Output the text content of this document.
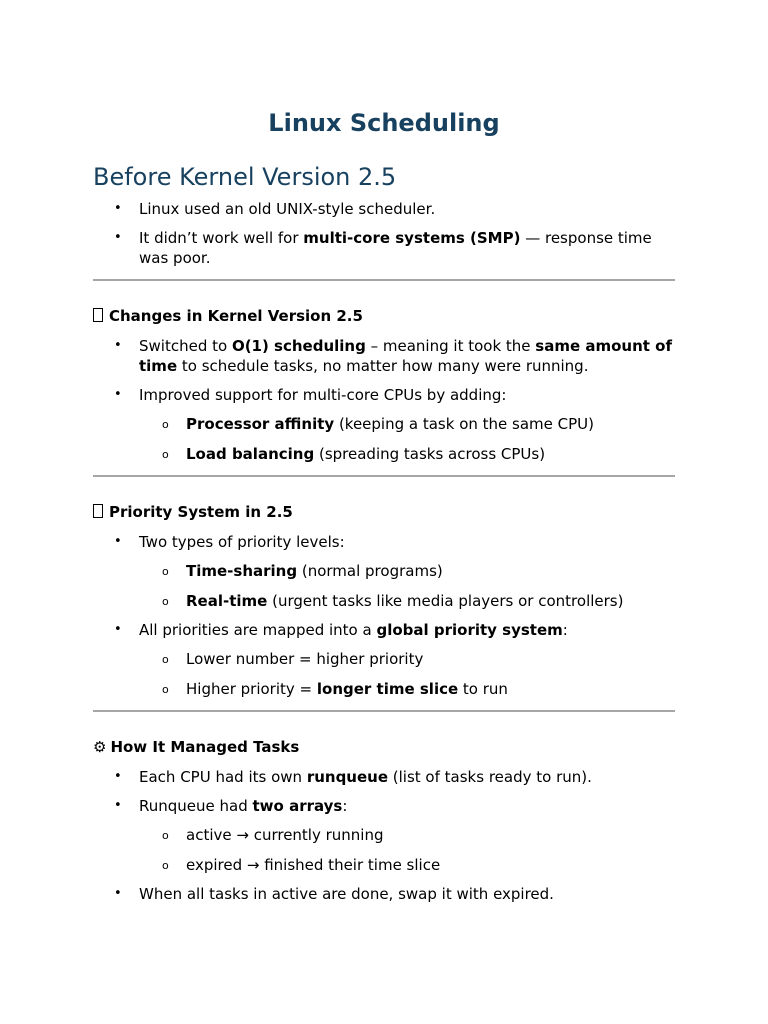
Linux Scheduling
Before Kernel Version 2.5
• Linux used an old UNIX-style scheduler.
• It didn’t work well for multi-core systems (SMP) — response time was poor.
Changes in Kernel Version 2.5
• Switched to O(1) scheduling – meaning it took the same amount of time to schedule tasks, no matter how many were running.
• Improved support for multi-core CPUs by adding:
o Processor affinity (keeping a task on the same CPU)
o Load balancing (spreading tasks across CPUs)
Priority System in 2.5
• Two types of priority levels:
o Time-sharing (normal programs)
o Real-time (urgent tasks like media players or controllers)
• All priorities are mapped into a global priority system:
o Lower number = higher priority
o Higher priority = longer time slice to run
⚙ How It Managed Tasks
• Each CPU had its own runqueue (list of tasks ready to run).
• Runqueue had two arrays:
o active → currently running
o expired → finished their time slice
• When all tasks in active are done, swap it with expired.
